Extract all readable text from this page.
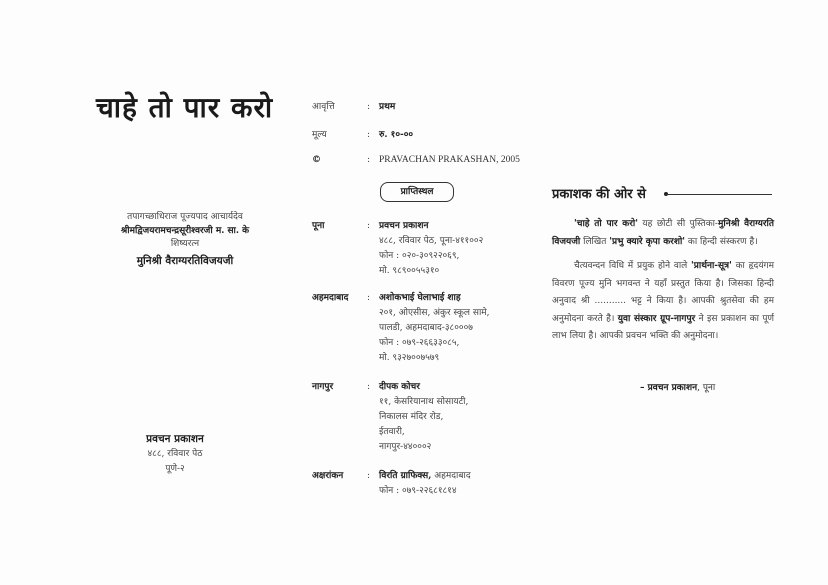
चाहे तो पार करो
तपागच्छाधिराज पूज्यपाद आचार्यदेव
श्रीमद्विजयरामचन्द्रसूरीश्वरजी म. सा. के
शिष्यरत्न
मुनिश्री वैराग्यरतिविजयजी
प्रवचन प्रकाशन
४८८, रविवार पेठ
पूणे-२
आवृत्ति	: प्रथम
मूल्य	: रु. १०-००
©	: PRAVACHAN PRAKASHAN, 2005
प्राप्तिस्थल
पूना	: प्रवचन प्रकाशन
४८८, रविवार पेठ, पूना-४११००२
फोन : ०२०-३०९२२०६९,
मो. ९८९००५५३१०
अहमदाबाद : अशोकभाई घेलाभाई शाह
२०१, ओएसीस, अंकुर स्कूल सामे,
पालडी, अहमदाबाद-३८०००७
फोन : ०७९-२६६३३०८५,
मो. ९३२७००७५७९
नागपुर	: दीपक कोचर
११, केसरियानाथ सोसायटी,
निकालस मंदिर रोड,
ईतवारी,
नागपुर-४४०००२
अक्षरांकन	: विरति ग्राफिक्स, अहमदाबाद
फोन : ०७९-२२६८१८१४
प्रकाशक की ओर से

'चाहे तो पार करो' यह छोटी सी पुस्तिका-मुनिश्री वैराग्यरति विजयजी लिखित 'प्रभु क्यारे कृपा करशो' का हिन्दी संस्करण है।

चैत्यवन्दन विधि में प्रयुक होने वाले 'प्रार्थना-सूत्र' का हृदयंगम विवरण पूज्य मुनि भगवन्त ने यहाँ प्रस्तुत किया है। जिसका हिन्दी अनुवाद श्री ........... भट्ट ने किया है। आपकी श्रुतसेवा की हम अनुमोदना करते है। युवा संस्कार ग्रूप-नागपुर ने इस प्रकाशन का पूर्ण लाभ लिया है। आपकी प्रवचन भक्ति की अनुमोदना।

– प्रवचन प्रकाशन, पूना
